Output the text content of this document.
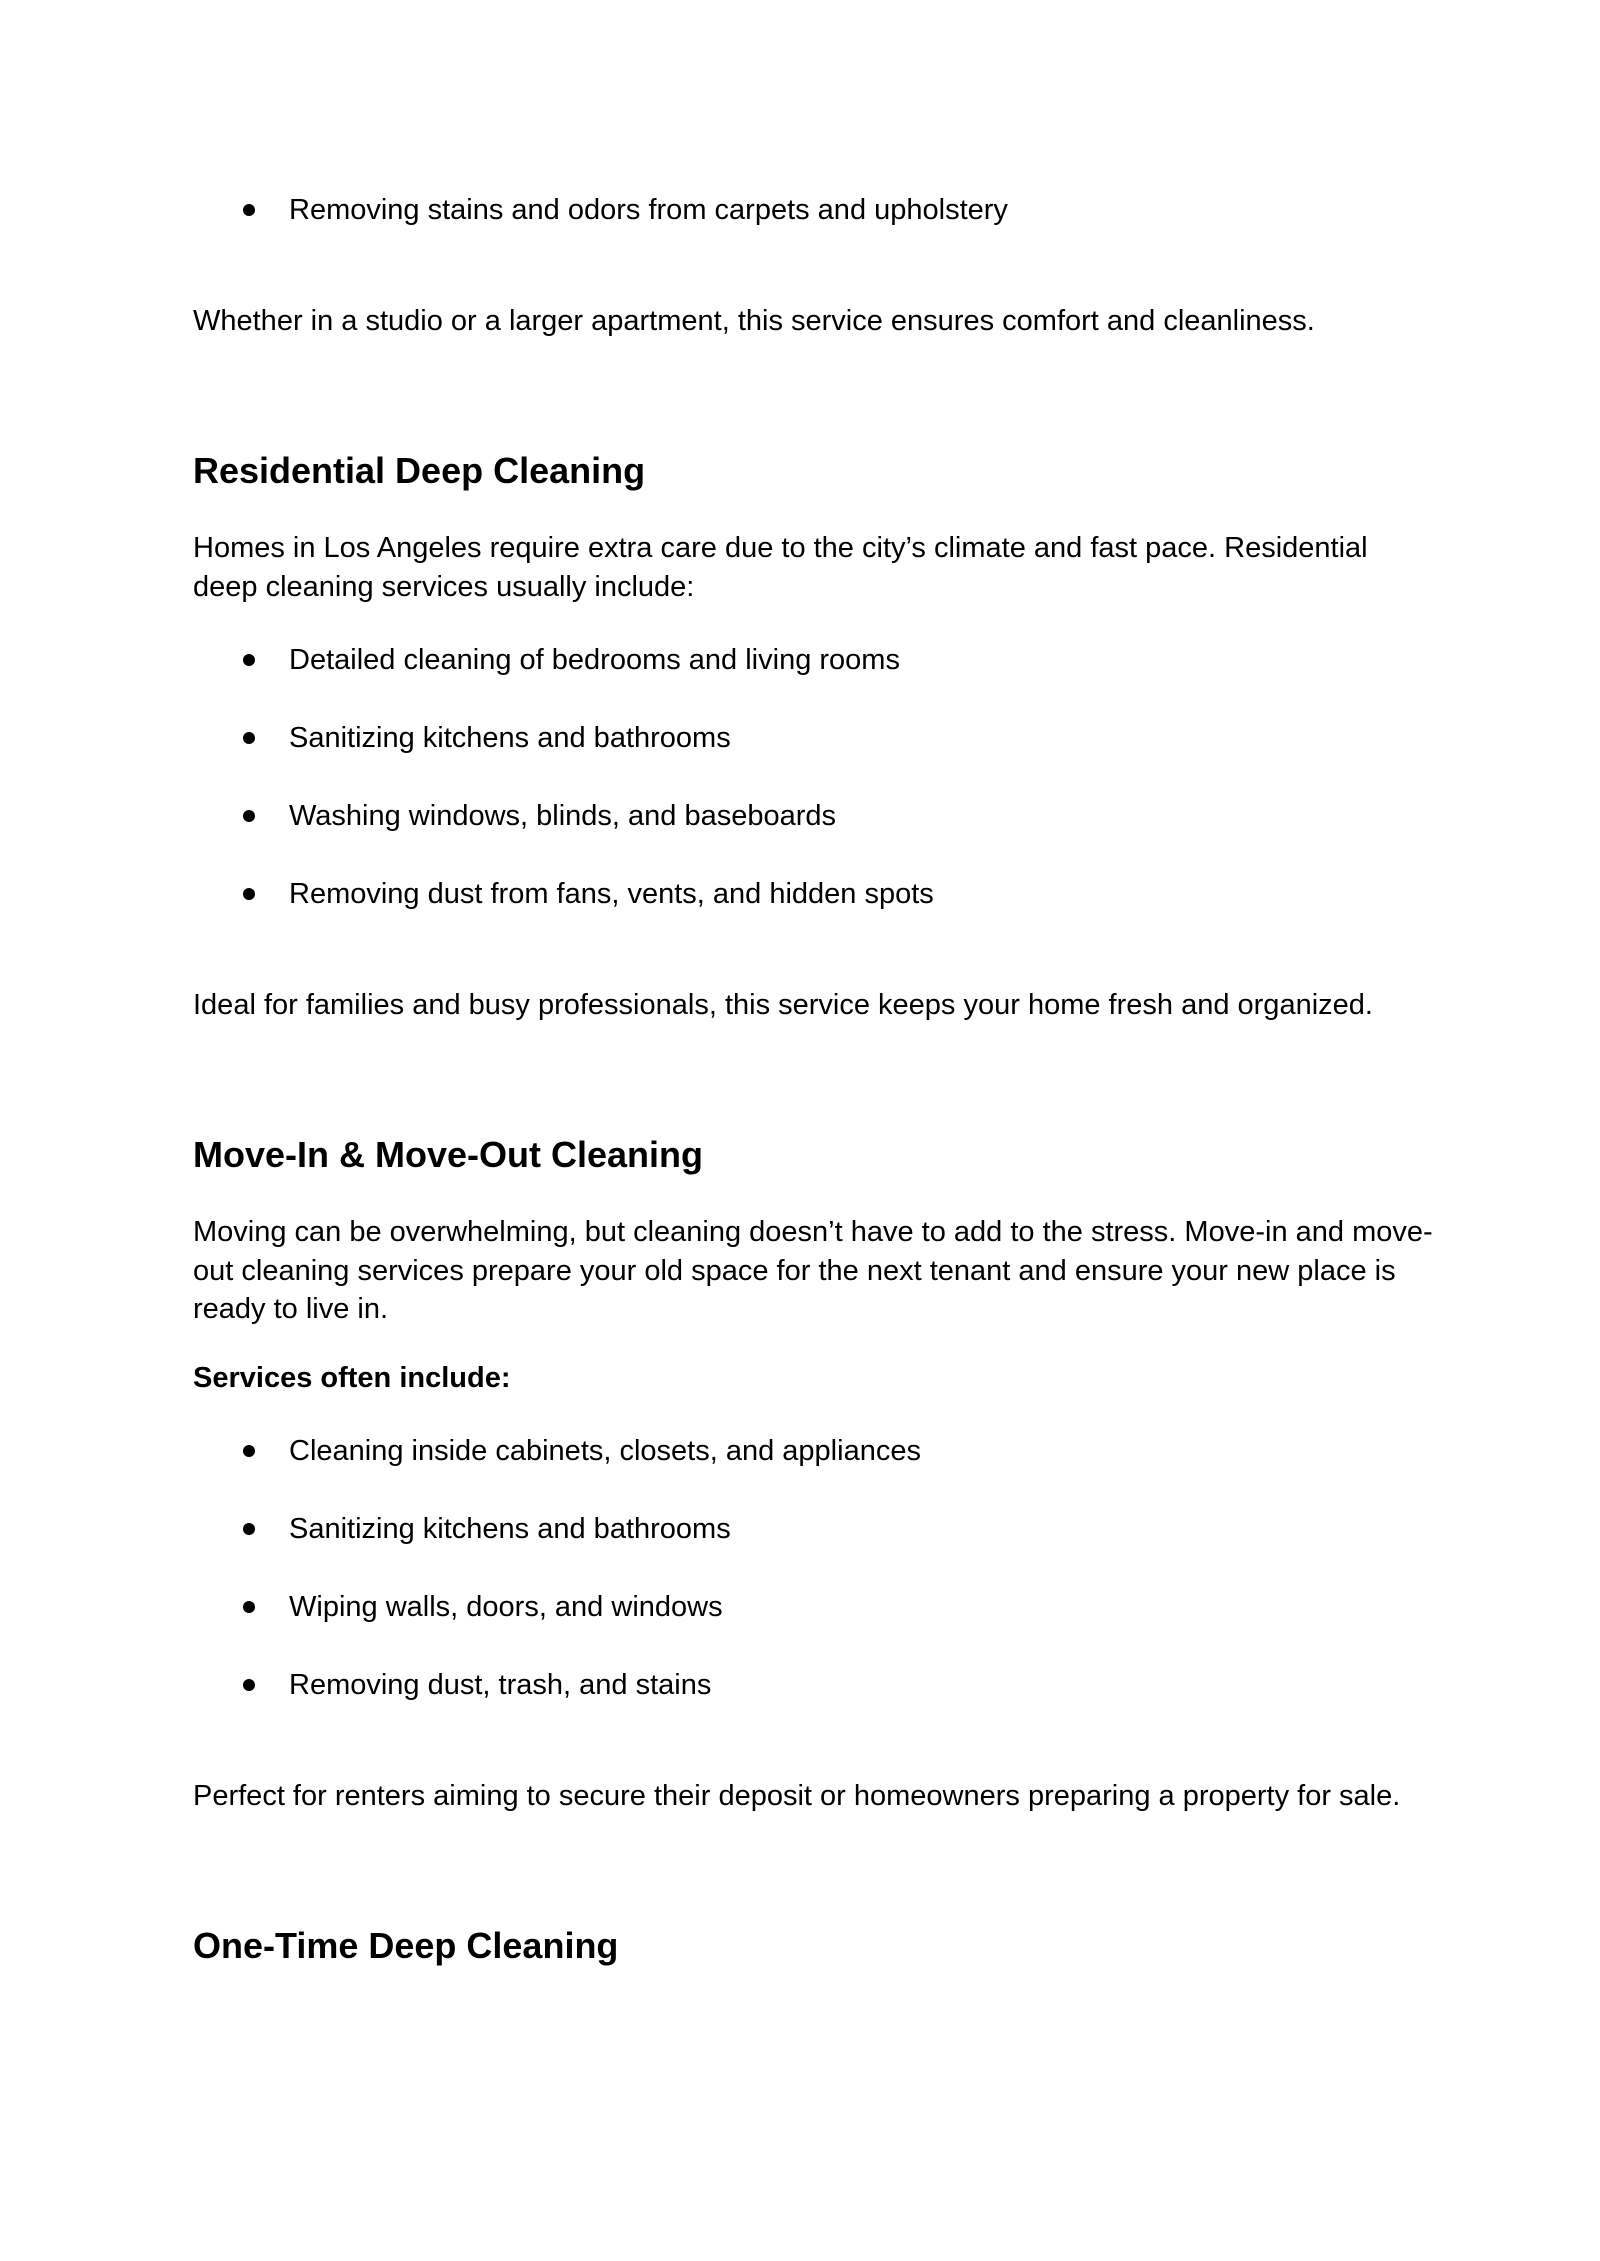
Removing stains and odors from carpets and upholstery

Whether in a studio or a larger apartment, this service ensures comfort and cleanliness.

Residential Deep Cleaning

Homes in Los Angeles require extra care due to the city’s climate and fast pace. Residential deep cleaning services usually include:

Detailed cleaning of bedrooms and living rooms
Sanitizing kitchens and bathrooms
Washing windows, blinds, and baseboards
Removing dust from fans, vents, and hidden spots

Ideal for families and busy professionals, this service keeps your home fresh and organized.

Move-In & Move-Out Cleaning

Moving can be overwhelming, but cleaning doesn’t have to add to the stress. Move-in and move-out cleaning services prepare your old space for the next tenant and ensure your new place is ready to live in.

Services often include:

Cleaning inside cabinets, closets, and appliances
Sanitizing kitchens and bathrooms
Wiping walls, doors, and windows
Removing dust, trash, and stains

Perfect for renters aiming to secure their deposit or homeowners preparing a property for sale.

One-Time Deep Cleaning
